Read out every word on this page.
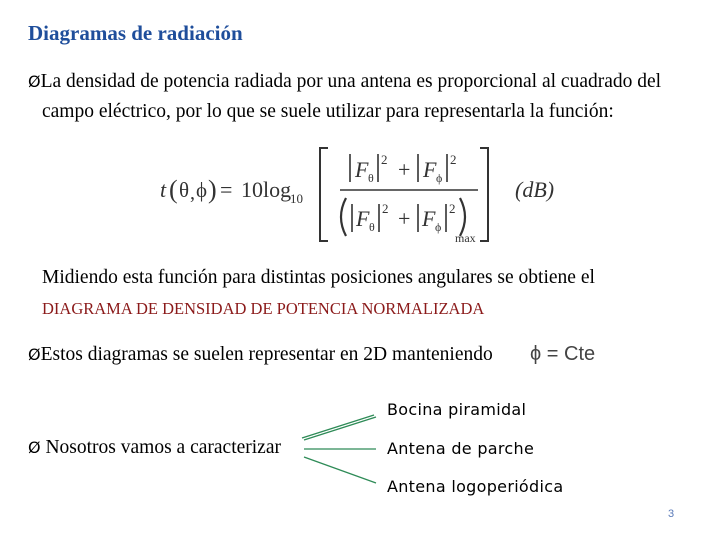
Diagramas de radiación
ØLa densidad de potencia radiada por una antena es proporcional al cuadrado del
campo eléctrico, por lo que se suele utilizar para representarla la función:
t ( θ , ϕ ) = 10 log
10
F θ
2 + F ϕ
2
F θ
2 + F ϕ
2
max
(dB)
Midiendo esta función para distintas posiciones angulares se obtiene el
DIAGRAMA DE DENSIDAD DE POTENCIA NORMALIZADA
ØEstos diagramas se suelen representar en 2D manteniendo ϕ = Cte
Ø Nosotros vamos a caracterizar
Bocina piramidal
Antena de parche
Antena logoperiódica
3
